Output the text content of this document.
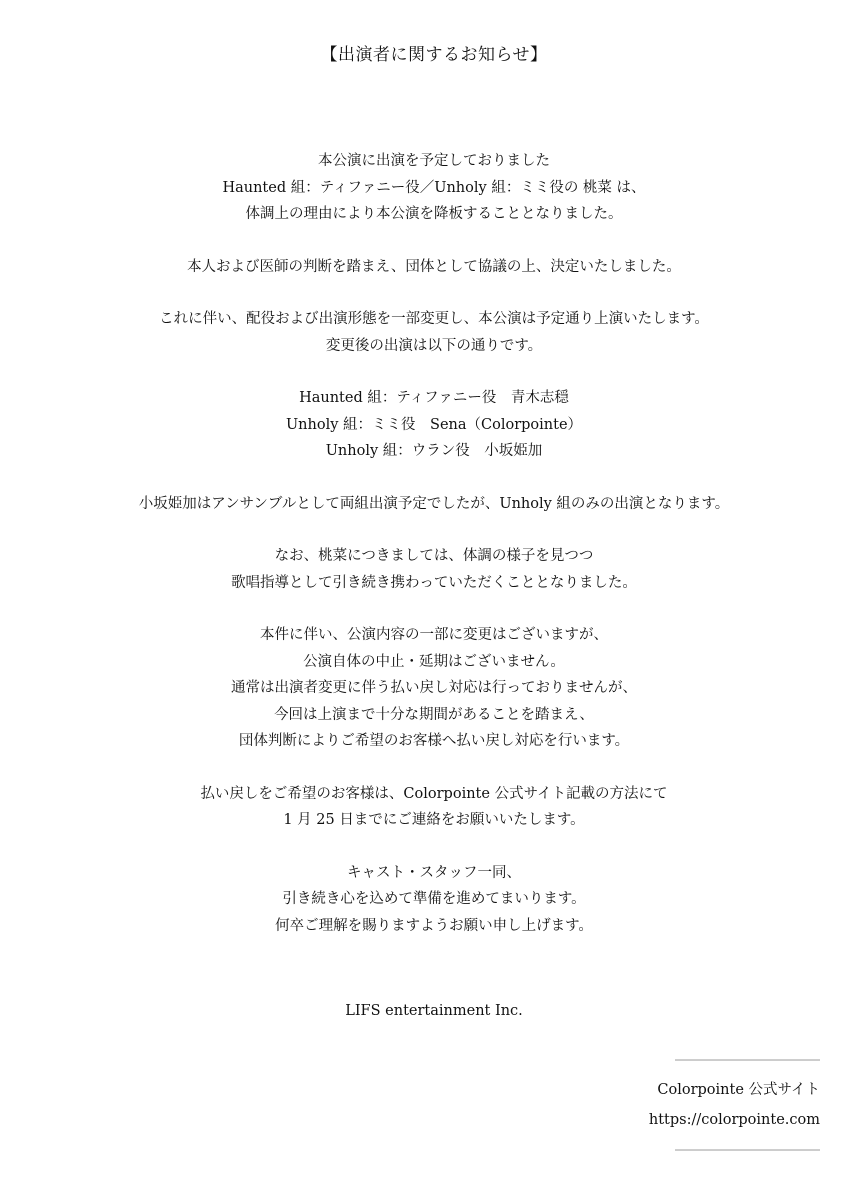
【出演者に関するお知らせ】
本公演に出演を予定しておりました
Haunted 組：ティファニー役／Unholy 組：ミミ役の 桃菜 は、
体調上の理由により本公演を降板することとなりました。
本人および医師の判断を踏まえ、団体として協議の上、決定いたしました。
これに伴い、配役および出演形態を一部変更し、本公演は予定通り上演いたします。
変更後の出演は以下の通りです。
Haunted 組：ティファニー役　青木志穏
Unholy 組：ミミ役　Sena（Colorpointe）
Unholy 組：ウラン役　小坂姫加
小坂姫加はアンサンブルとして両組出演予定でしたが、Unholy 組のみの出演となります。
なお、桃菜につきましては、体調の様子を見つつ
歌唱指導として引き続き携わっていただくこととなりました。
本件に伴い、公演内容の一部に変更はございますが、
公演自体の中止・延期はございません。
通常は出演者変更に伴う払い戻し対応は行っておりませんが、
今回は上演まで十分な期間があることを踏まえ、
団体判断によりご希望のお客様へ払い戻し対応を行います。
払い戻しをご希望のお客様は、Colorpointe 公式サイト記載の方法にて
1 月 25 日までにご連絡をお願いいたします。
キャスト・スタッフ一同、
引き続き心を込めて準備を進めてまいります。
何卒ご理解を賜りますようお願い申し上げます。
LIFS entertainment Inc.
――――――――――
Colorpointe 公式サイト
https://colorpointe.com
――――――――――
